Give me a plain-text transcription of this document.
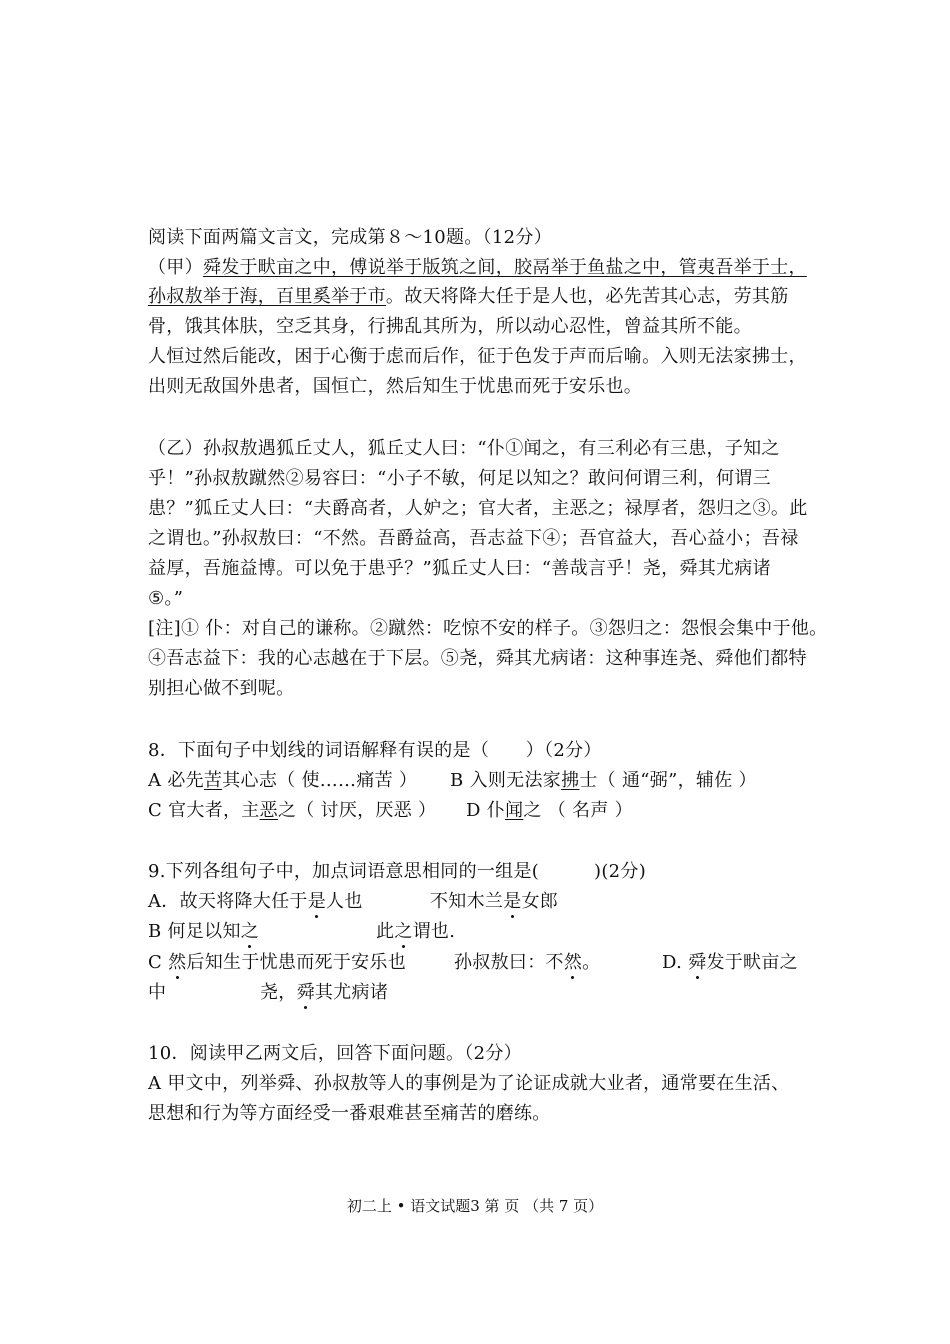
阅读下面两篇文言文，完成第８～10题。（12分）
（甲）舜发于畎亩之中，傅说举于版筑之间，胶鬲举于鱼盐之中，管夷吾举于士，
孙叔敖举于海，百里奚举于市。故天将降大任于是人也，必先苦其心志，劳其筋
骨，饿其体肤，空乏其身，行拂乱其所为，所以动心忍性，曾益其所不能。
人恒过然后能改，困于心衡于虑而后作，征于色发于声而后喻。入则无法家拂士，
出则无敌国外患者，国恒亡，然后知生于忧患而死于安乐也。
（乙）孙叔敖遇狐丘丈人，狐丘丈人曰：“仆①闻之，有三利必有三患，子知之
乎！”孙叔敖蹴然②易容曰：“小子不敏，何足以知之？敢问何谓三利，何谓三
患？”狐丘丈人曰：“夫爵高者，人妒之；官大者，主恶之；禄厚者，怨归之③。此
之谓也。”孙叔敖曰：“不然。吾爵益高，吾志益下④；吾官益大，吾心益小；吾禄
益厚，吾施益博。可以免于患乎？”狐丘丈人曰：“善哉言乎！尧，舜其尤病诸
⑤。”
[注]① 仆：对自己的谦称。②蹴然：吃惊不安的样子。③怨归之：怨恨会集中于他。
④吾志益下：我的心志越在于下层。⑤尧，舜其尤病诸：这种事连尧、舜他们都特
别担心做不到呢。
8．下面句子中划线的词语解释有误的是（　　）（2分）
A 必先苦其心志（ 使……痛苦 ） B 入则无法家拂士（ 通“弼”，辅佐 ）
C 官大者，主恶之（ 讨厌，厌恶 ） D 仆闻之 （ 名声 ）
9.下列各组句子中，加点词语意思相同的一组是(　　　)(2分)
A．故天将降大任于是人也	不知木兰是女郎
B 何足以知之	此之谓也.
C 然后知生于忧患而死于安乐也	孙叔敖曰：不然。	D. 舜发于畎亩之
中	尧，舜其尤病诸
10．阅读甲乙两文后，回答下面问题。（2分）
A 甲文中，列举舜、孙叔敖等人的事例是为了论证成就大业者，通常要在生活、
思想和行为等方面经受一番艰难甚至痛苦的磨练。
初二上 • 语文试题3 第 页 （共 7 页）
